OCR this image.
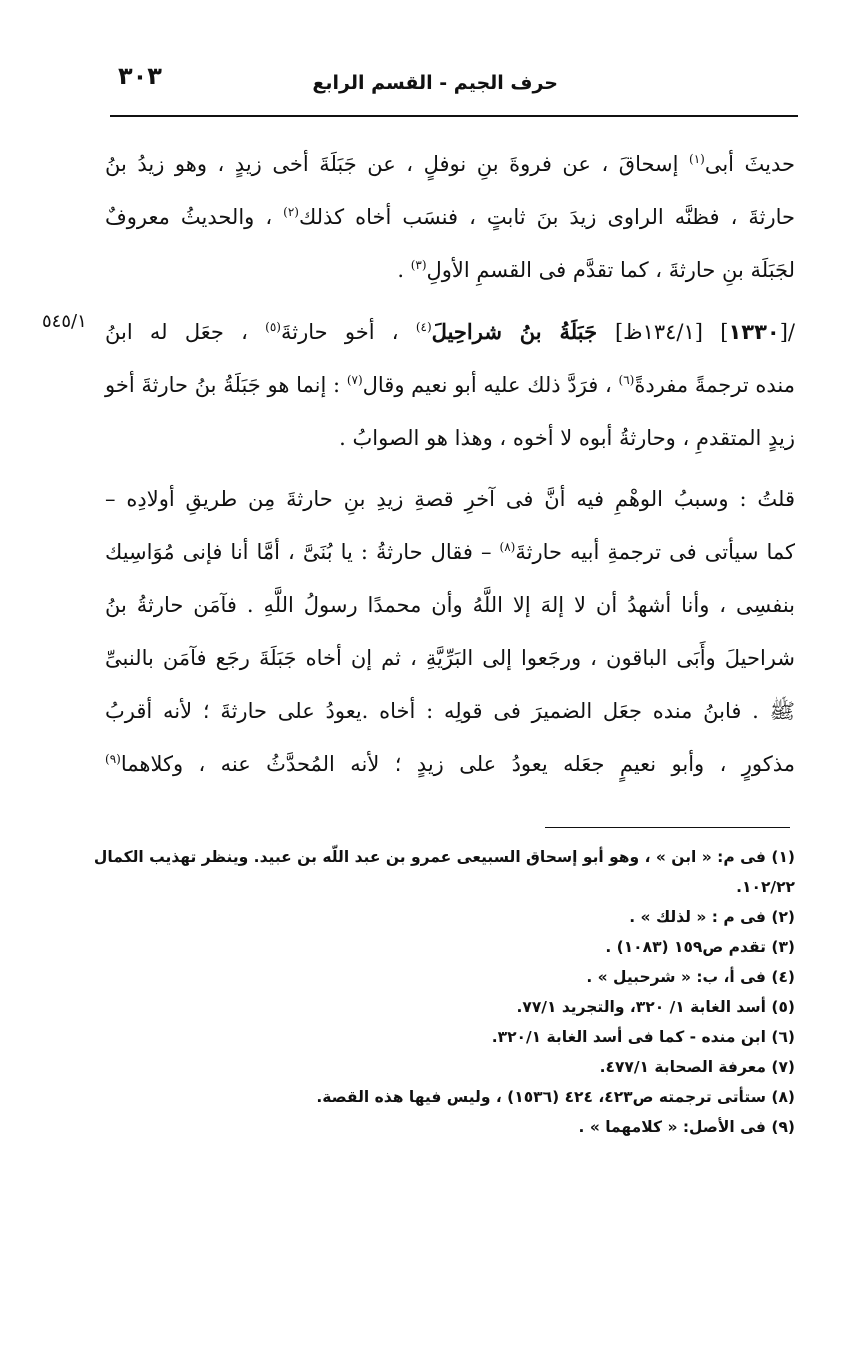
حرف الجيم - القسم الرابع
٣٠٣
٥٤٥/١

حديثَ أبى$^{(١)}$ إسحاقَ ، عن فروةَ بنِ نوفلٍ ، عن جَبَلَةَ أخى زيدٍ ، وهو زيدُ بنُ
حارثةَ ، فظنَّه الراوى زيدَ بنَ ثابتٍ ، فنسَب أخاه كذلك$^{(٢)}$ ، والحديثُ معروفٌ
لجَبَلَة بنِ حارثةَ ، كما تقدَّم فى القسمِ الأولِ$^{(٣)}$ .

/[١٣٣٠] [١٣٤/١ظ] جَبَلَةُ بنُ شراحِيلَ$^{(٤)}$ ، أخو حارثةَ$^{(٥)}$ ، جعَل له ابنُ
منده ترجمةً مفردةً$^{(٦)}$ ، فرَدَّ ذلك عليه أبو نعيم وقال$^{(٧)}$ : إنما هو جَبَلَةُ بنُ حارثةَ أخو
زيدٍ المتقدمِ ، وحارثةُ أبوه لا أخوه ، وهذا هو الصوابُ .

قلتُ : وسببُ الوهْمِ فيه أنَّ فى آخرِ قصةِ زيدِ بنِ حارثةَ مِن طريقِ أولادِه –
كما سيأتى فى ترجمةِ أبيه حارثةَ$^{(٨)}$ – فقال حارثةُ : يا بُنَىَّ ، أمَّا أنا فإنى مُوَاسِيك
بنفسِى ، وأنا أشهدُ أن لا إلهَ إلا اللَّهُ وأن محمدًا رسولُ اللَّهِ . فآمَن حارثةُ بنُ
شراحيلَ وأَبَى الباقون ، ورجَعوا إلى البَرِّيَّةِ ، ثم إن أخاه جَبَلَةَ رجَع فآمَن بالنبىِّ
ﷺ . فابنُ منده جعَل الضميرَ فى قولِه : أخاه .يعودُ على حارثةَ ؛ لأنه أقربُ
مذكورٍ ، وأبو نعيمٍ جعَله يعودُ على زيدٍ ؛ لأنه المُحدَّثُ عنه ، وكلاهما$^{(٩)}$

(١) فى م: « ابن » ، وهو أبو إسحاق السبيعى عمرو بن عبد اللّه بن عبيد. وينظر تهذيب الكمال
١٠٢/٢٢.
(٢) فى م : « لذلك » .
(٣) تقدم ص١٥٩ (١٠٨٣) .
(٤) فى أ، ب: « شرحبيل » .
(٥) أسد الغابة ١/ ٣٢٠، والتجريد ٧٧/١.
(٦) ابن منده - كما فى أسد الغابة ٣٢٠/١.
(٧) معرفة الصحابة ٤٧٧/١.
(٨) ستأتى ترجمته ص٤٢٣، ٤٢٤ (١٥٣٦) ، وليس فيها هذه القصة.
(٩) فى الأصل: « كلامهما » .
